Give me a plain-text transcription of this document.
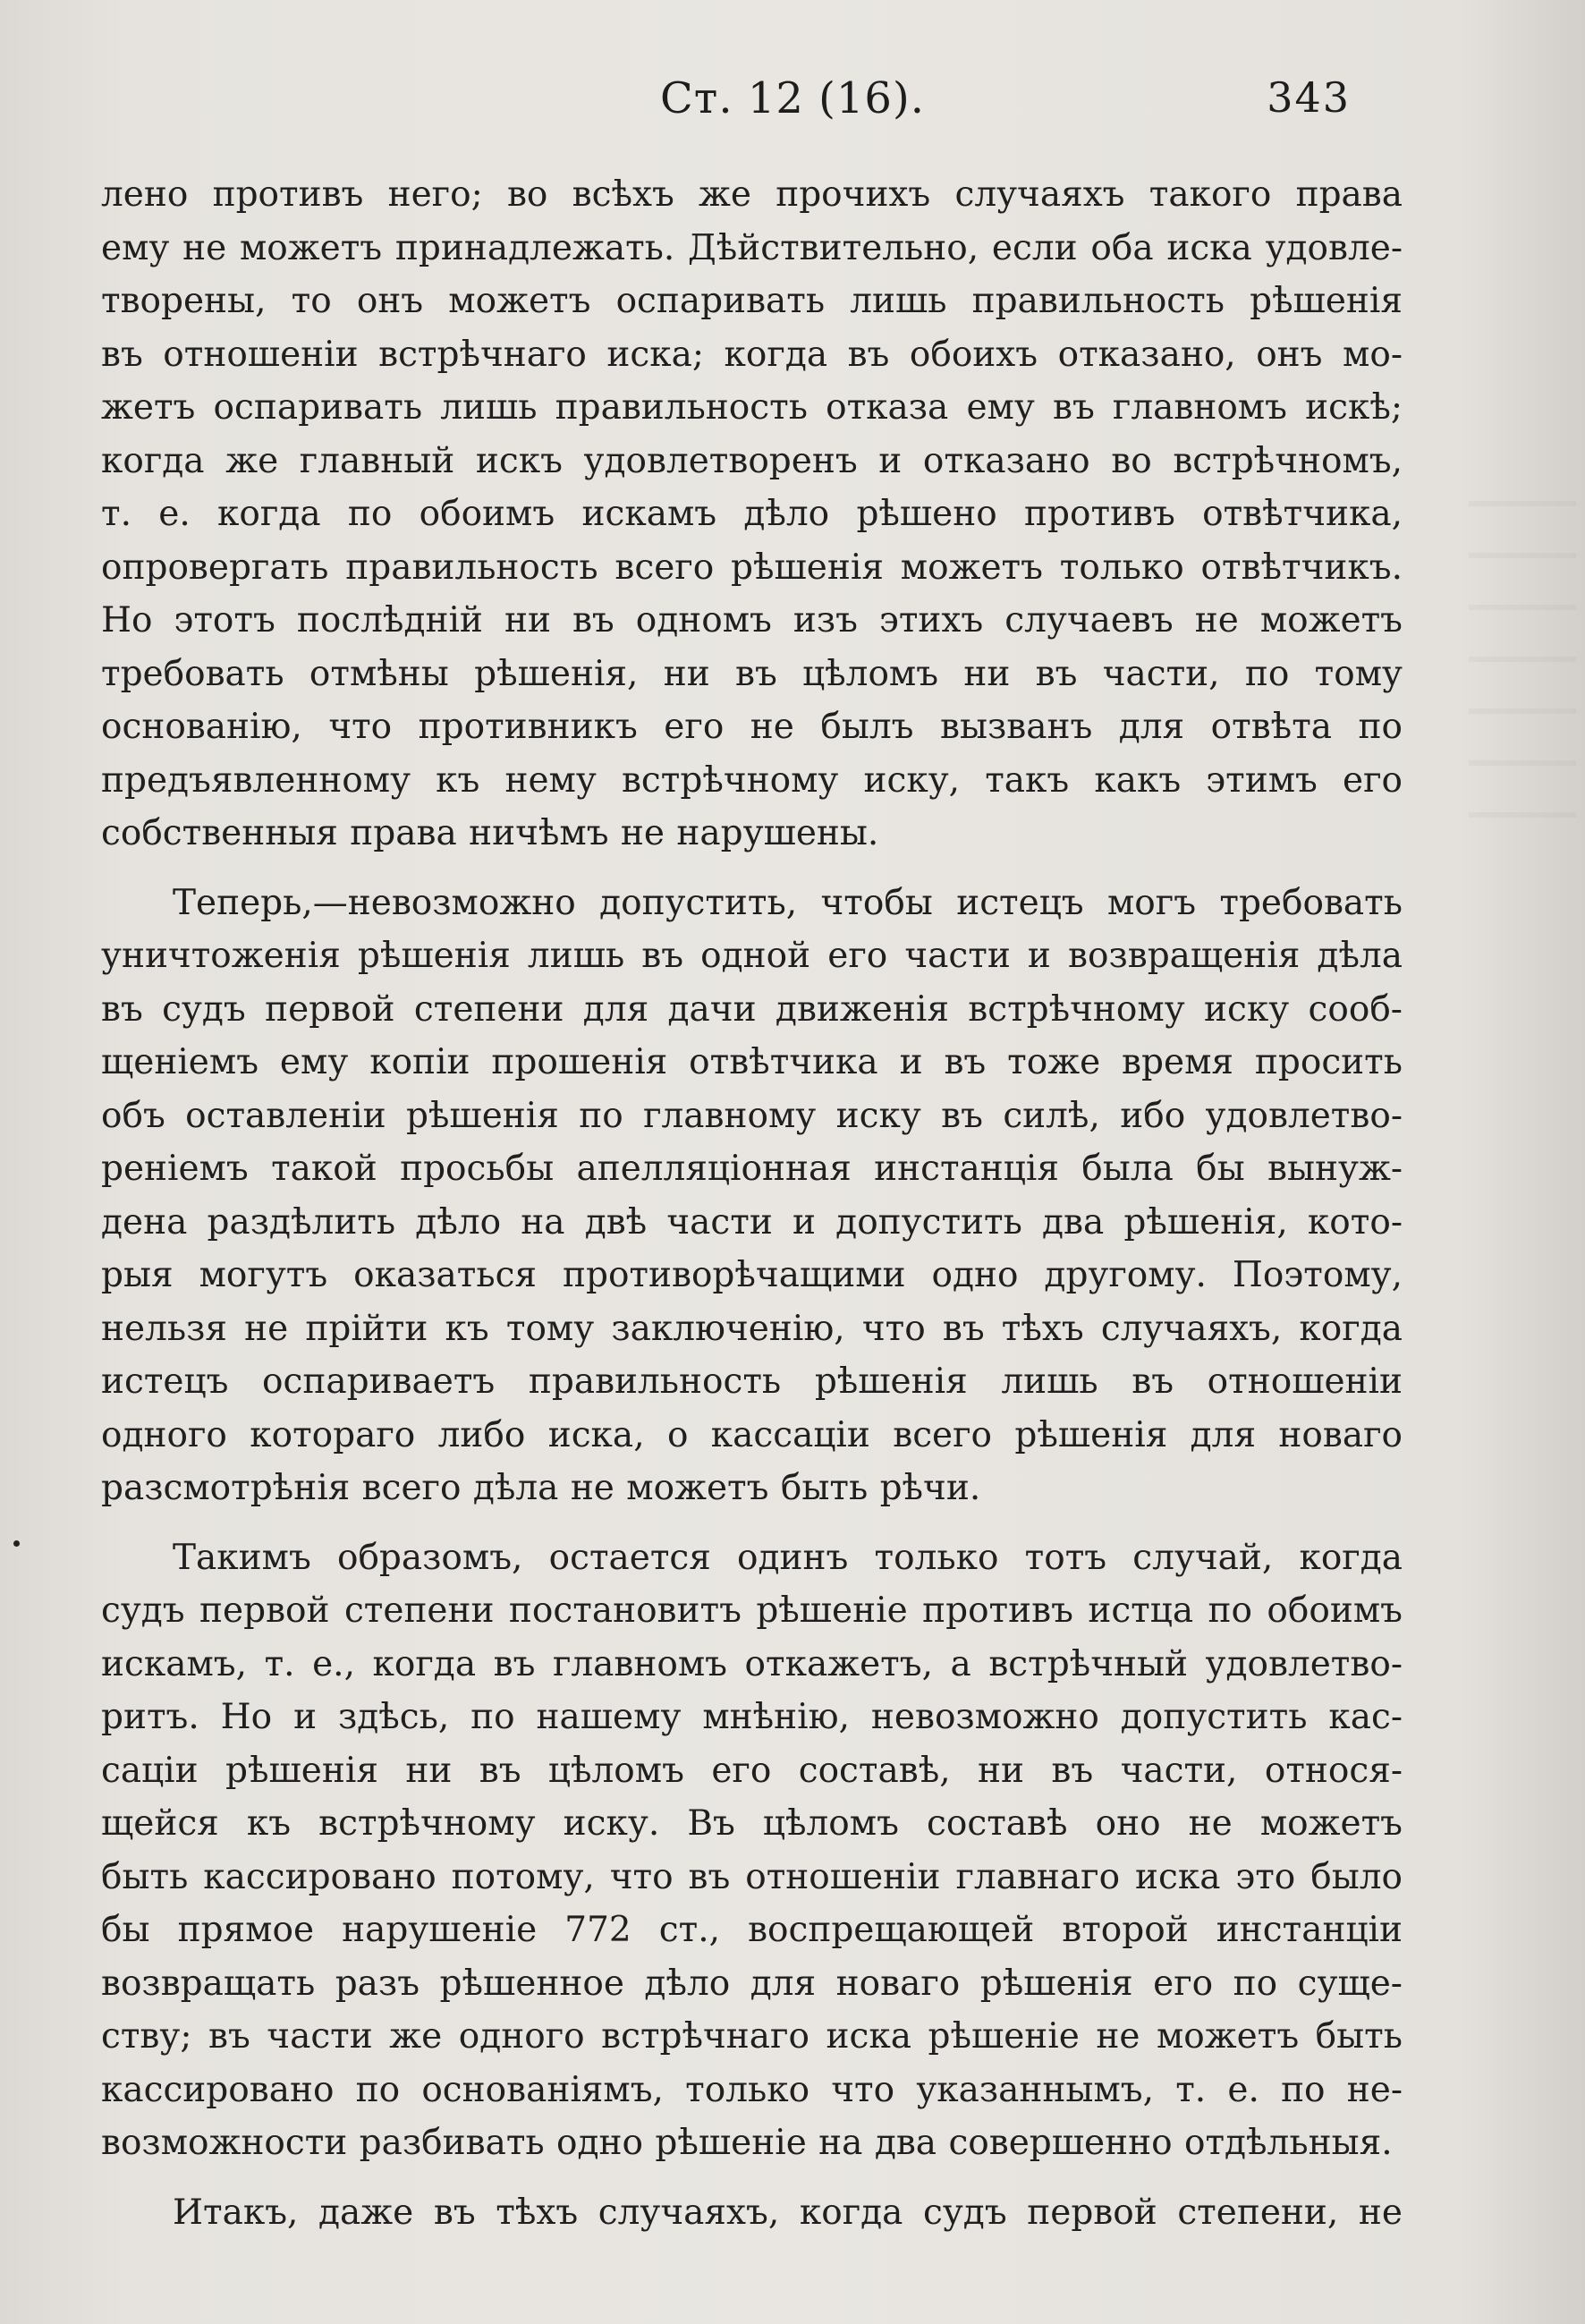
Ст. 12 (16).	343
лено противъ него; во всѣхъ же прочихъ случаяхъ такого права
ему не можетъ принадлежать. Дѣйствительно, если оба иска удовле-
творены, то онъ можетъ оспаривать лишь правильность рѣшенія
въ отношеніи встрѣчнаго иска; когда въ обоихъ отказано, онъ мо-
жетъ оспаривать лишь правильность отказа ему въ главномъ искѣ;
когда же главный искъ удовлетворенъ и отказано во встрѣчномъ,
т. е. когда по обоимъ искамъ дѣло рѣшено противъ отвѣтчика,
опровергать правильность всего рѣшенія можетъ только отвѣтчикъ.
Но этотъ послѣдній ни въ одномъ изъ этихъ случаевъ не можетъ
требовать отмѣны рѣшенія, ни въ цѣломъ ни въ части, по тому
основанію, что противникъ его не былъ вызванъ для отвѣта по
предъявленному къ нему встрѣчному иску, такъ какъ этимъ его
собственныя права ничѣмъ не нарушены.
Теперь,—невозможно допустить, чтобы истецъ могъ требовать
уничтоженія рѣшенія лишь въ одной его части и возвращенія дѣла
въ судъ первой степени для дачи движенія встрѣчному иску сооб-
щеніемъ ему копіи прошенія отвѣтчика и въ тоже время просить
объ оставленіи рѣшенія по главному иску въ силѣ, ибо удовлетво-
реніемъ такой просьбы апелляціонная инстанція была бы вынуж-
дена раздѣлить дѣло на двѣ части и допустить два рѣшенія, кото-
рыя могутъ оказаться противорѣчащими одно другому. Поэтому,
нельзя не прійти къ тому заключенію, что въ тѣхъ случаяхъ, когда
истецъ оспариваетъ правильность рѣшенія лишь въ отношеніи
одного котораго либо иска, о кассаціи всего рѣшенія для новаго
разсмотрѣнія всего дѣла не можетъ быть рѣчи.
Такимъ образомъ, остается одинъ только тотъ случай, когда
судъ первой степени постановитъ рѣшеніе противъ истца по обоимъ
искамъ, т. е., когда въ главномъ откажетъ, а встрѣчный удовлетво-
ритъ. Но и здѣсь, по нашему мнѣнію, невозможно допустить кас-
саціи рѣшенія ни въ цѣломъ его составѣ, ни въ части, относя-
щейся къ встрѣчному иску. Въ цѣломъ составѣ оно не можетъ
быть кассировано потому, что въ отношеніи главнаго иска это было
бы прямое нарушеніе 772 ст., воспрещающей второй инстанціи
возвращать разъ рѣшенное дѣло для новаго рѣшенія его по суще-
ству; въ части же одного встрѣчнаго иска рѣшеніе не можетъ быть
кассировано по основаніямъ, только что указаннымъ, т. е. по не-
возможности разбивать одно рѣшеніе на два совершенно отдѣльныя.
Итакъ, даже въ тѣхъ случаяхъ, когда судъ первой степени, не
